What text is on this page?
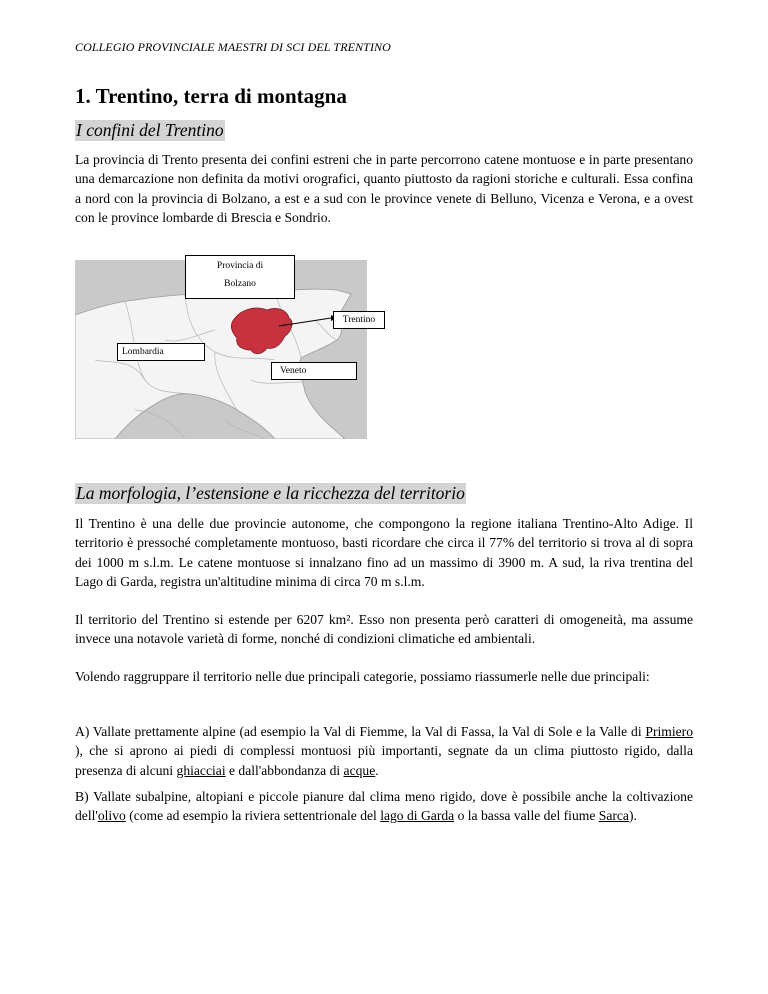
COLLEGIO PROVINCIALE MAESTRI DI SCI DEL TRENTINO
1. Trentino, terra di montagna
I confini del Trentino

La provincia di Trento presenta dei confini estreni che in parte percorrono catene montuose e in parte presentano una demarcazione non definita da motivi orografici, quanto piuttosto da ragioni storiche e culturali. Essa confina a nord con la provincia di Bolzano, a est e a sud con le province venete di Belluno, Vicenza e Verona, e a ovest con le province lombarde di Brescia e Sondrio.

Provincia di
Bolzano
Trentino
Lombardia
Veneto
La morfologia, l’estensione e la ricchezza del territorio

Il Trentino è una delle due provincie autonome, che compongono la regione italiana Trentino-Alto Adige. Il territorio è pressoché completamente montuoso, basti ricordare che circa il 77% del territorio si trova al di sopra dei 1000 m s.l.m. Le catene montuose si innalzano fino ad un massimo di 3900 m. A sud, la riva trentina del Lago di Garda, registra un'altitudine minima di circa 70 m s.l.m.

Il territorio del Trentino si estende per 6207 km². Esso non presenta però caratteri di omogeneità, ma assume invece una notavole varietà di forme, nonché di condizioni climatiche ed ambientali.

Volendo raggruppare il territorio nelle due principali categorie, possiamo riassumerle nelle due principali:

A) Vallate prettamente alpine (ad esempio la Val di Fiemme, la Val di Fassa, la Val di Sole e la Valle di Primiero ), che si aprono ai piedi di complessi montuosi più importanti, segnate da un clima piuttosto rigido, dalla presenza di alcuni ghiacciai e dall'abbondanza di acque.

B) Vallate subalpine, altopiani e piccole pianure dal clima meno rigido, dove è possibile anche la coltivazione dell'olivo (come ad esempio la riviera settentrionale del lago di Garda o la bassa valle del fiume Sarca).
